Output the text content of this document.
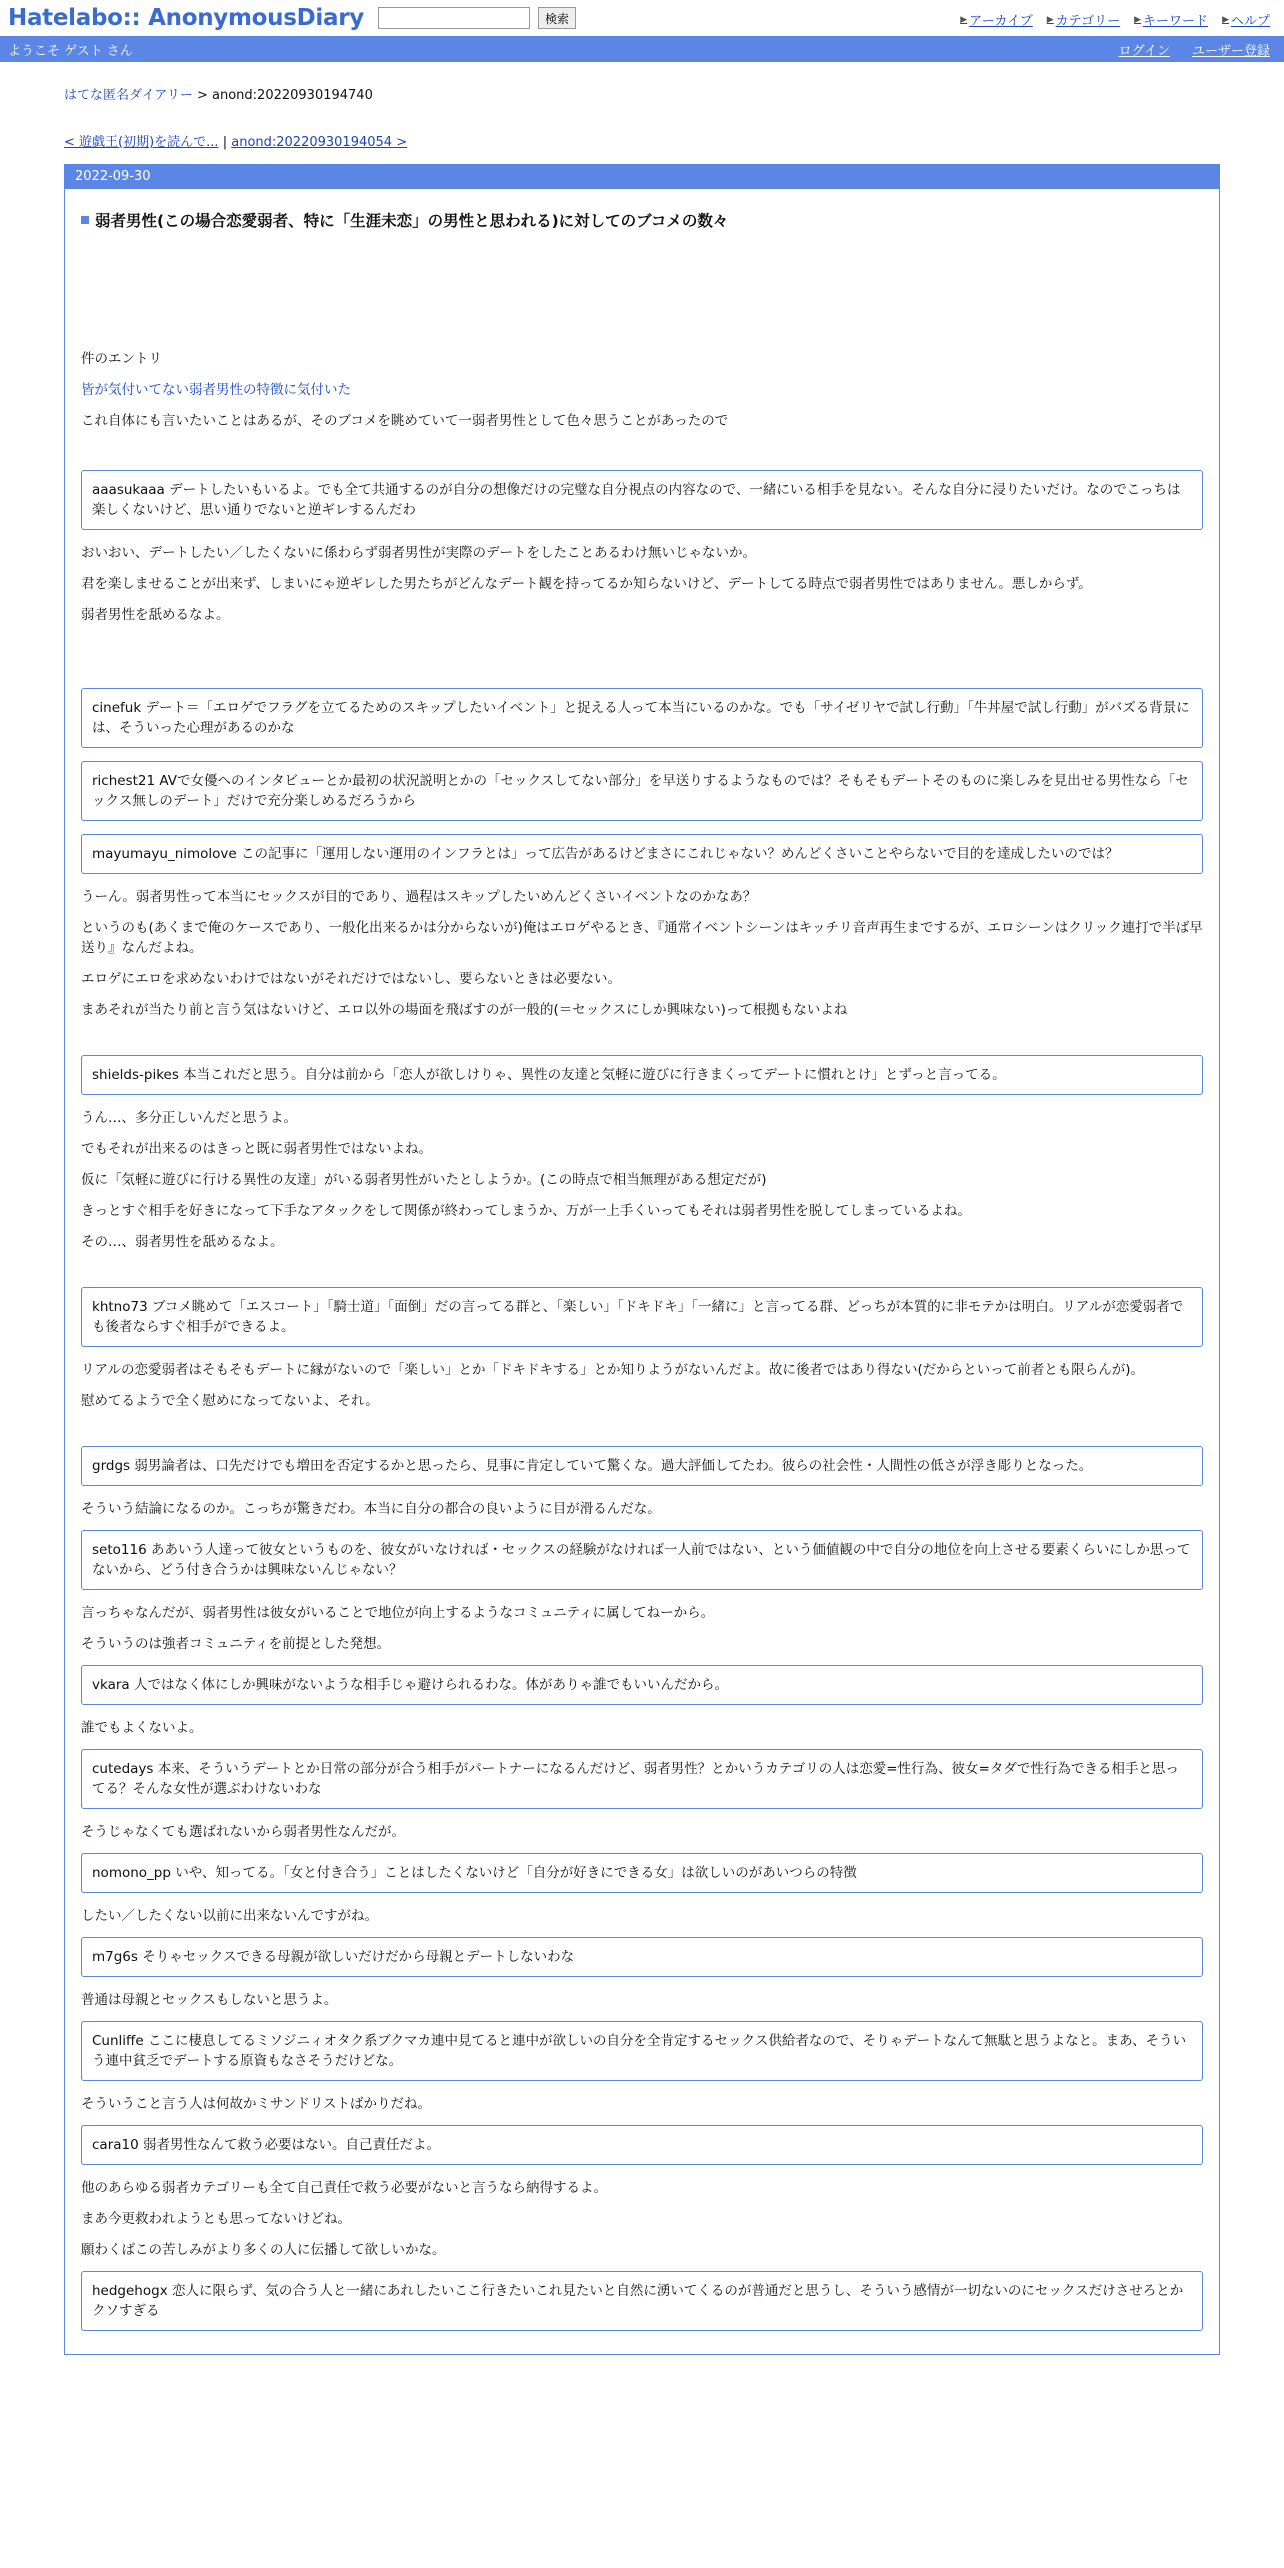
Hatelabo:: AnonymousDiary	検索	▶ アーカイブ ▶ カテゴリー ▶ キーワード ▶ ヘルプ
ようこそ ゲスト さん	ログイン ユーザー登録
はてな匿名ダイアリー > anond:20220930194740
< 遊戯王(初期)を読んで... | anond:20220930194054 >
2022-09-30
弱者男性(この場合恋愛弱者、特に「生涯未恋」の男性と思われる)に対してのブコメの数々

件のエントリ

皆が気付いてない弱者男性の特徴に気付いた

これ自体にも言いたいことはあるが、そのブコメを眺めていて一弱者男性として色々思うことがあったので

aaasukaaa デートしたいもいるよ。でも全て共通するのが自分の想像だけの完璧な自分視点の内容なので、一緒にいる相手を見ない。そんな自分に浸りたいだけ。なのでこっちは楽しくないけど、思い通りでないと逆ギレするんだわ

おいおい、デートしたい／したくないに係わらず弱者男性が実際のデートをしたことあるわけ無いじゃないか。

君を楽しませることが出来ず、しまいにゃ逆ギレした男たちがどんなデート観を持ってるか知らないけど、デートしてる時点で弱者男性ではありません。悪しからず。

弱者男性を舐めるなよ。

cinefuk デート＝「エロゲでフラグを立てるためのスキップしたいイベント」と捉える人って本当にいるのかな。でも「サイゼリヤで試し行動」「牛丼屋で試し行動」がバズる背景には、そういった心理があるのかな
richest21 AVで女優へのインタビューとか最初の状況説明とかの「セックスしてない部分」を早送りするようなものでは？そもそもデートそのものに楽しみを見出せる男性なら「セックス無しのデート」だけで充分楽しめるだろうから
mayumayu_nimolove この記事に「運用しない運用のインフラとは」って広告があるけどまさにこれじゃない？めんどくさいことやらないで目的を達成したいのでは？

うーん。弱者男性って本当にセックスが目的であり、過程はスキップしたいめんどくさいイベントなのかなあ？

というのも(あくまで俺のケースであり、一般化出来るかは分からないが)俺はエロゲやるとき、『通常イベントシーンはキッチリ音声再生までするが、エロシーンはクリック連打で半ば早送り』なんだよね。

エロゲにエロを求めないわけではないがそれだけではないし、要らないときは必要ない。

まあそれが当たり前と言う気はないけど、エロ以外の場面を飛ばすのが一般的(＝セックスにしか興味ない)って根拠もないよね

shields-pikes 本当これだと思う。自分は前から「恋人が欲しけりゃ、異性の友達と気軽に遊びに行きまくってデートに慣れとけ」とずっと言ってる。

うん…、多分正しいんだと思うよ。

でもそれが出来るのはきっと既に弱者男性ではないよね。

仮に「気軽に遊びに行ける異性の友達」がいる弱者男性がいたとしようか。(この時点で相当無理がある想定だが)

きっとすぐ相手を好きになって下手なアタックをして関係が終わってしまうか、万が一上手くいってもそれは弱者男性を脱してしまっているよね。

その…、弱者男性を舐めるなよ。

khtno73 ブコメ眺めて「エスコート」「騎士道」「面倒」だの言ってる群と、「楽しい」「ドキドキ」「一緒に」と言ってる群、どっちが本質的に非モテかは明白。リアルが恋愛弱者でも後者ならすぐ相手ができるよ。

リアルの恋愛弱者はそもそもデートに縁がないので「楽しい」とか「ドキドキする」とか知りようがないんだよ。故に後者ではあり得ない(だからといって前者とも限らんが)。

慰めてるようで全く慰めになってないよ、それ。

grdgs 弱男論者は、口先だけでも増田を否定するかと思ったら、見事に肯定していて驚くな。過大評価してたわ。彼らの社会性・人間性の低さが浮き彫りとなった。

そういう結論になるのか。こっちが驚きだわ。本当に自分の都合の良いように目が滑るんだな。

seto116 ああいう人達って彼女というものを、彼女がいなければ・セックスの経験がなければ一人前ではない、という価値観の中で自分の地位を向上させる要素くらいにしか思ってないから、どう付き合うかは興味ないんじゃない？

言っちゃなんだが、弱者男性は彼女がいることで地位が向上するようなコミュニティに属してねーから。

そういうのは強者コミュニティを前提とした発想。

vkara 人ではなく体にしか興味がないような相手じゃ避けられるわな。体がありゃ誰でもいいんだから。

誰でもよくないよ。

cutedays 本来、そういうデートとか日常の部分が合う相手がパートナーになるんだけど、弱者男性？とかいうカテゴリの人は恋愛=性行為、彼女=タダで性行為できる相手と思ってる？そんな女性が選ぶわけないわな

そうじゃなくても選ばれないから弱者男性なんだが。

nomono_pp いや、知ってる。「女と付き合う」ことはしたくないけど「自分が好きにできる女」は欲しいのがあいつらの特徴

したい／したくない以前に出来ないんですがね。

m7g6s そりゃセックスできる母親が欲しいだけだから母親とデートしないわな

普通は母親とセックスもしないと思うよ。

Cunliffe ここに棲息してるミソジニィオタク系ブクマカ連中見てると連中が欲しいの自分を全肯定するセックス供給者なので、そりゃデートなんて無駄と思うよなと。まあ、そういう連中貧乏でデートする原資もなさそうだけどな。

そういうこと言う人は何故かミサンドリストばかりだね。

cara10 弱者男性なんて救う必要はない。自己責任だよ。

他のあらゆる弱者カテゴリーも全て自己責任で救う必要がないと言うなら納得するよ。

まあ今更救われようとも思ってないけどね。

願わくばこの苦しみがより多くの人に伝播して欲しいかな。

hedgehogx 恋人に限らず、気の合う人と一緒にあれしたいここ行きたいこれ見たいと自然に湧いてくるのが普通だと思うし、そういう感情が一切ないのにセックスだけさせろとかクソすぎる
